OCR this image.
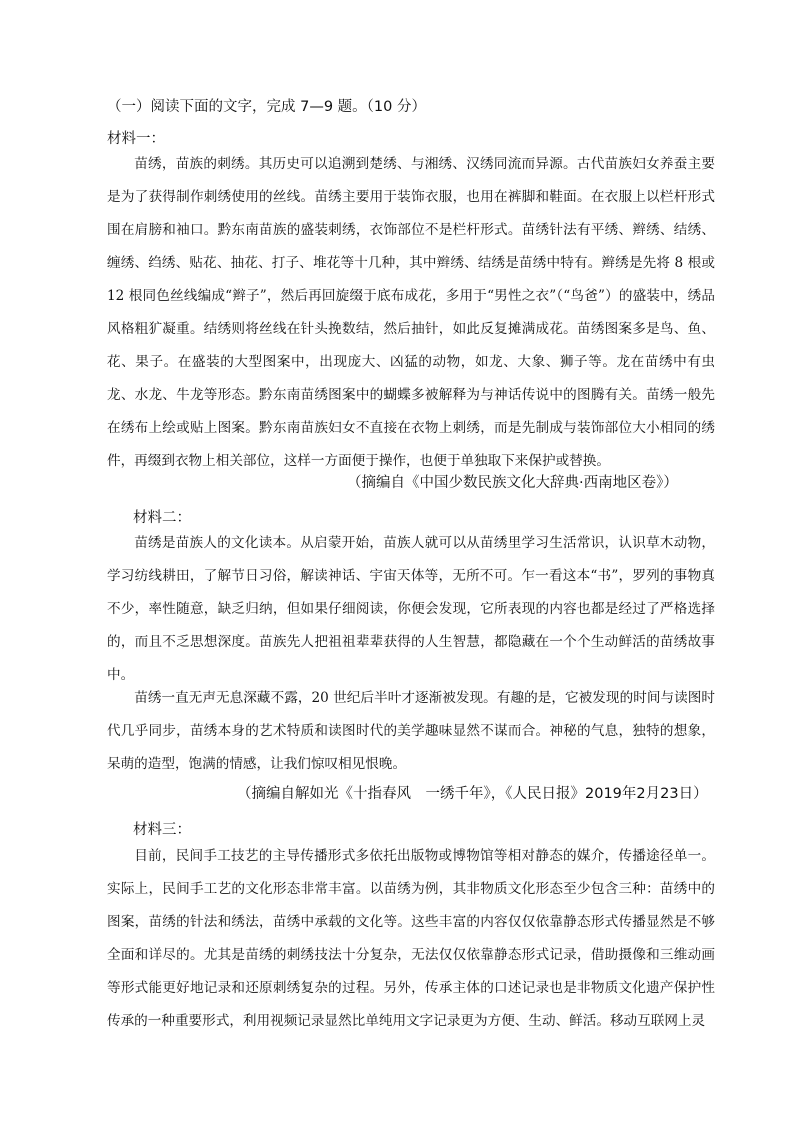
（一）阅读下面的文字，完成 7—9 题。（10 分）
材料一：

苗绣，苗族的刺绣。其历史可以追溯到楚绣、与湘绣、汉绣同流而异源。古代苗族妇女养蚕主要是为了获得制作刺绣使用的丝线。苗绣主要用于装饰衣服，也用在裤脚和鞋面。在衣服上以栏杆形式围在肩膀和袖口。黔东南苗族的盛装刺绣，衣饰部位不是栏杆形式。苗绣针法有平绣、辫绣、结绣、缠绣、绉绣、贴花、抽花、打子、堆花等十几种，其中辫绣、结绣是苗绣中特有。辫绣是先将 8 根或 12 根同色丝线编成“辫子”，然后再回旋缀于底布成花，多用于“男性之衣”（“鸟爸”）的盛装中，绣品风格粗犷凝重。结绣则将丝线在针头挽数结，然后抽针，如此反复摊满成花。苗绣图案多是鸟、鱼、花、果子。在盛装的大型图案中，出现庞大、凶猛的动物，如龙、大象、狮子等。龙在苗绣中有虫龙、水龙、牛龙等形态。黔东南苗绣图案中的蝴蝶多被解释为与神话传说中的图腾有关。苗绣一般先在绣布上绘或贴上图案。黔东南苗族妇女不直接在衣物上刺绣，而是先制成与装饰部位大小相同的绣件，再缀到衣物上相关部位，这样一方面便于操作，也便于单独取下来保护或替换。

（摘编自《中国少数民族文化大辞典·西南地区卷》）
材料二：

苗绣是苗族人的文化读本。从启蒙开始，苗族人就可以从苗绣里学习生活常识，认识草木动物，学习纺线耕田，了解节日习俗，解读神话、宇宙天体等，无所不可。乍一看这本“书”，罗列的事物真不少，率性随意，缺乏归纳，但如果仔细阅读，你便会发现，它所表现的内容也都是经过了严格选择的，而且不乏思想深度。苗族先人把祖祖辈辈获得的人生智慧，都隐藏在一个个生动鲜活的苗绣故事中。

苗绣一直无声无息深藏不露，20 世纪后半叶才逐渐被发现。有趣的是，它被发现的时间与读图时代几乎同步，苗绣本身的艺术特质和读图时代的美学趣味显然不谋而合。神秘的气息，独特的想象，呆萌的造型，饱满的情感，让我们惊叹相见恨晚。

（摘编自解如光《十指春风　一绣千年》，《人民日报》2019年2月23日）
材料三：

目前，民间手工技艺的主导传播形式多依托出版物或博物馆等相对静态的媒介，传播途径单一。实际上，民间手工艺的文化形态非常丰富。以苗绣为例，其非物质文化形态至少包含三种：苗绣中的图案，苗绣的针法和绣法，苗绣中承载的文化等。这些丰富的内容仅仅依靠静态形式传播显然是不够全面和详尽的。尤其是苗绣的刺绣技法十分复杂，无法仅仅依靠静态形式记录，借助摄像和三维动画等形式能更好地记录和还原刺绣复杂的过程。另外，传承主体的口述记录也是非物质文化遗产保护性传承的一种重要形式，利用视频记录显然比单纯用文字记录更为方便、生动、鲜活。移动互联网上灵
